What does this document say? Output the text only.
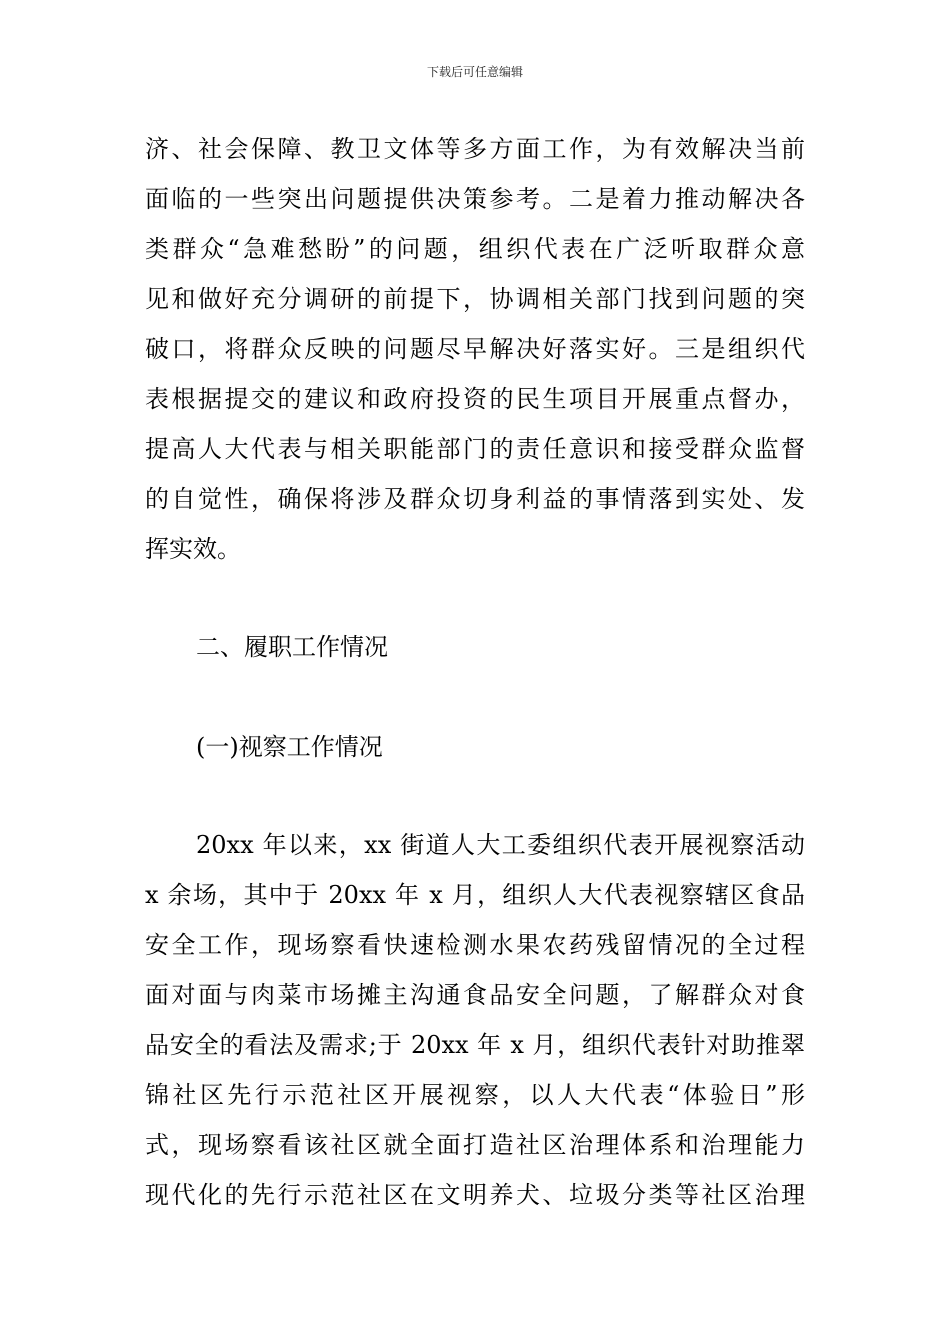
下载后可任意编辑
济、社会保障、教卫文体等多方面工作，为有效解决当前
面临的一些突出问题提供决策参考。二是着力推动解决各
类群众“急难愁盼”的问题，组织代表在广泛听取群众意
见和做好充分调研的前提下，协调相关部门找到问题的突
破口，将群众反映的问题尽早解决好落实好。三是组织代
表根据提交的建议和政府投资的民生项目开展重点督办，
提高人大代表与相关职能部门的责任意识和接受群众监督
的自觉性，确保将涉及群众切身利益的事情落到实处、发
挥实效。
二、履职工作情况
(一)视察工作情况
20xx 年以来，xx 街道人大工委组织代表开展视察活动
x 余场，其中于 20xx 年 x 月，组织人大代表视察辖区食品
安全工作，现场察看快速检测水果农药残留情况的全过程
面对面与肉菜市场摊主沟通食品安全问题，了解群众对食
品安全的看法及需求;于 20xx 年 x 月，组织代表针对助推翠
锦社区先行示范社区开展视察，以人大代表“体验日”形
式，现场察看该社区就全面打造社区治理体系和治理能力
现代化的先行示范社区在文明养犬、垃圾分类等社区治理
